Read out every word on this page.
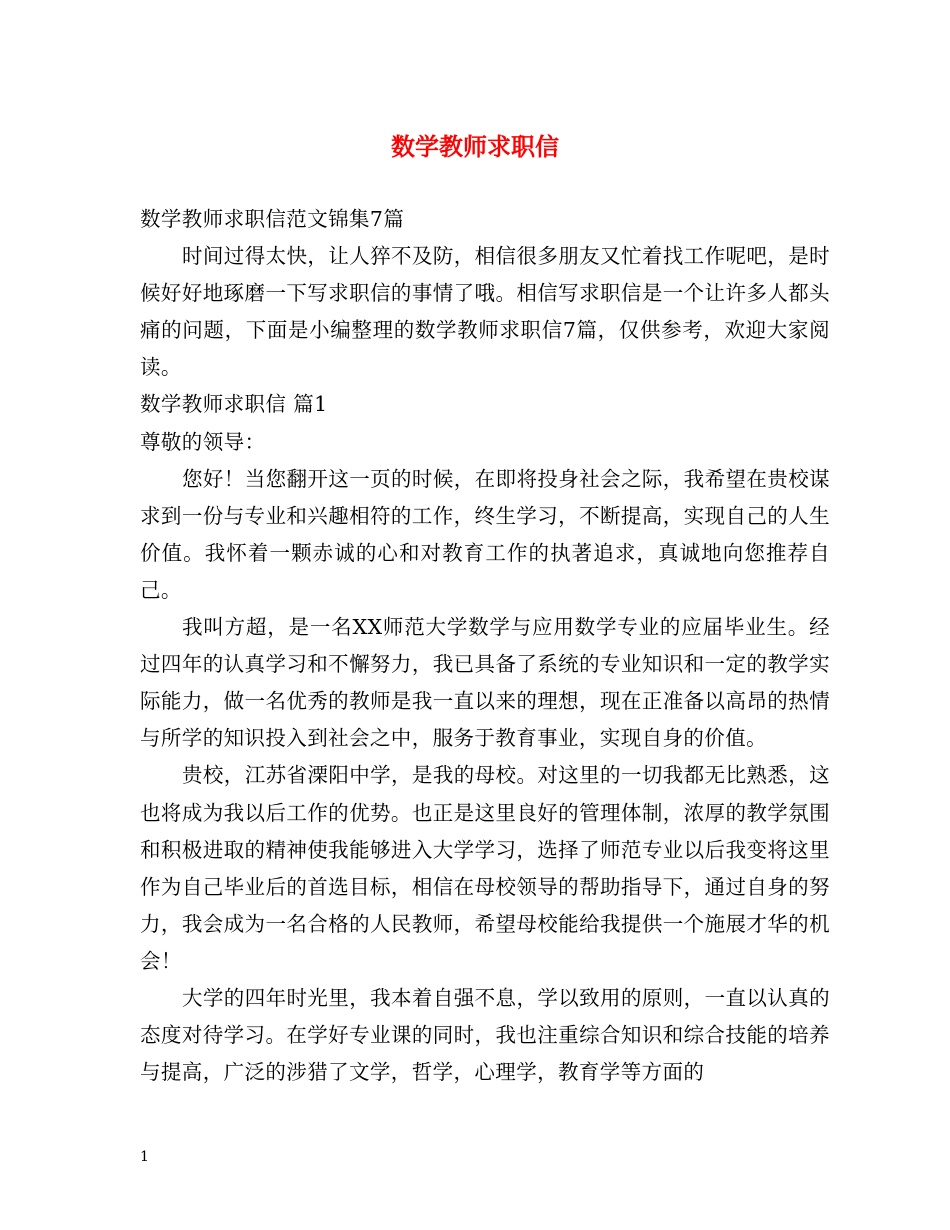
数学教师求职信

数学教师求职信范文锦集7篇

时间过得太快，让人猝不及防，相信很多朋友又忙着找工作呢吧，是时候好好地琢磨一下写求职信的事情了哦。相信写求职信是一个让许多人都头痛的问题，下面是小编整理的数学教师求职信7篇，仅供参考，欢迎大家阅读。

数学教师求职信 篇1

尊敬的领导：

您好！当您翻开这一页的时候，在即将投身社会之际，我希望在贵校谋求到一份与专业和兴趣相符的工作，终生学习，不断提高，实现自己的人生价值。我怀着一颗赤诚的心和对教育工作的执著追求，真诚地向您推荐自己。

我叫方超，是一名XX师范大学数学与应用数学专业的应届毕业生。经过四年的认真学习和不懈努力，我已具备了系统的专业知识和一定的教学实际能力，做一名优秀的教师是我一直以来的理想，现在正准备以高昂的热情与所学的知识投入到社会之中，服务于教育事业，实现自身的价值。

贵校，江苏省溧阳中学，是我的母校。对这里的一切我都无比熟悉，这也将成为我以后工作的优势。也正是这里良好的管理体制，浓厚的教学氛围和积极进取的精神使我能够进入大学学习，选择了师范专业以后我变将这里作为自己毕业后的首选目标，相信在母校领导的帮助指导下，通过自身的努力，我会成为一名合格的人民教师，希望母校能给我提供一个施展才华的机会！

大学的四年时光里，我本着自强不息，学以致用的原则，一直以认真的态度对待学习。在学好专业课的同时，我也注重综合知识和综合技能的培养与提高，广泛的涉猎了文学，哲学，心理学，教育学等方面的

1
